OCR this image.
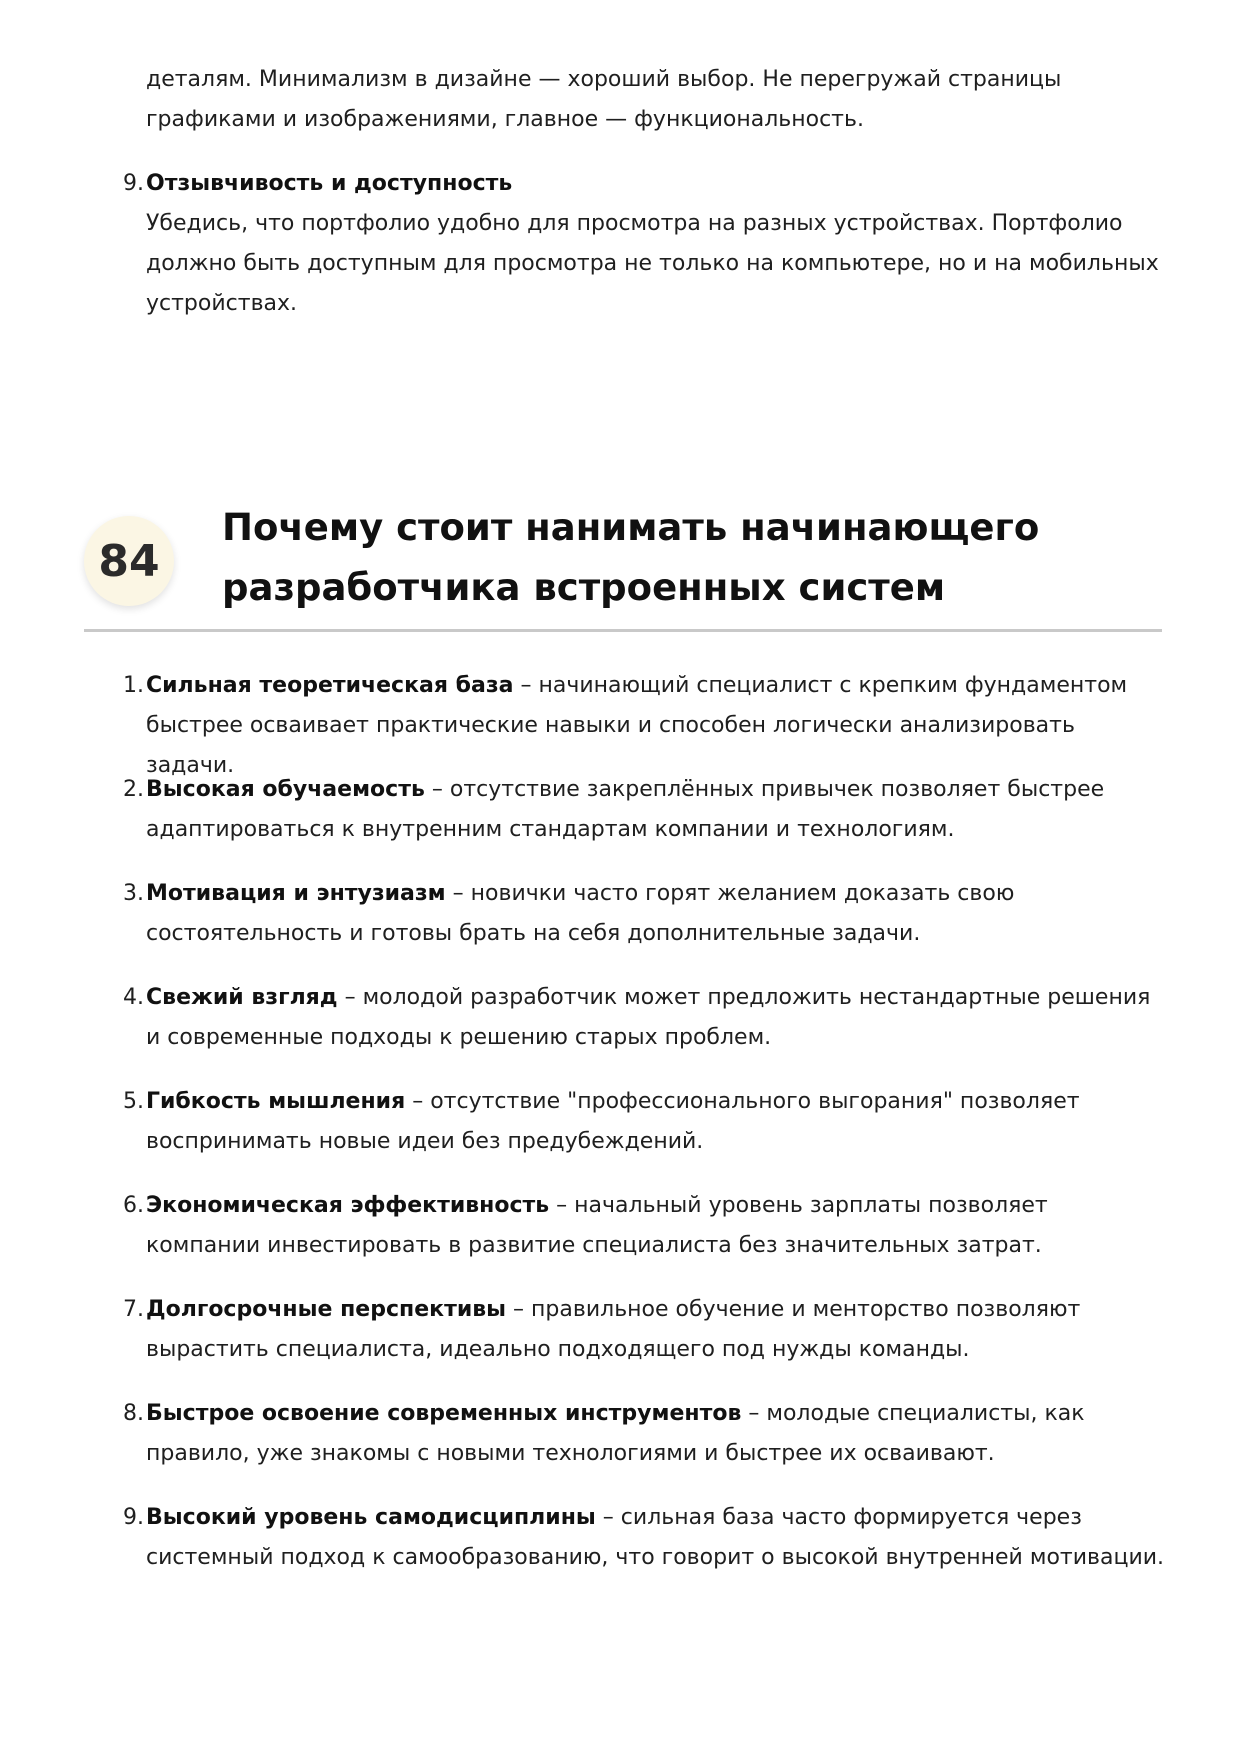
деталям. Минимализм в дизайне — хороший выбор. Не перегружай страницы графиками и изображениями, главное — функциональность.

9. Отзывчивость и доступность
Убедись, что портфолио удобно для просмотра на разных устройствах. Портфолио должно быть доступным для просмотра не только на компьютере, но и на мобильных устройствах.
84
Почему стоит нанимать начинающего
разработчика встроенных систем
1. Сильная теоретическая база – начинающий специалист с крепким фундаментом быстрее осваивает практические навыки и способен логически анализировать задачи.
2. Высокая обучаемость – отсутствие закреплённых привычек позволяет быстрее адаптироваться к внутренним стандартам компании и технологиям.
3. Мотивация и энтузиазм – новички часто горят желанием доказать свою состоятельность и готовы брать на себя дополнительные задачи.
4. Свежий взгляд – молодой разработчик может предложить нестандартные решения и современные подходы к решению старых проблем.
5. Гибкость мышления – отсутствие "профессионального выгорания" позволяет воспринимать новые идеи без предубеждений.
6. Экономическая эффективность – начальный уровень зарплаты позволяет компании инвестировать в развитие специалиста без значительных затрат.
7. Долгосрочные перспективы – правильное обучение и менторство позволяют вырастить специалиста, идеально подходящего под нужды команды.
8. Быстрое освоение современных инструментов – молодые специалисты, как правило, уже знакомы с новыми технологиями и быстрее их осваивают.
9. Высокий уровень самодисциплины – сильная база часто формируется через системный подход к самообразованию, что говорит о высокой внутренней мотивации.
